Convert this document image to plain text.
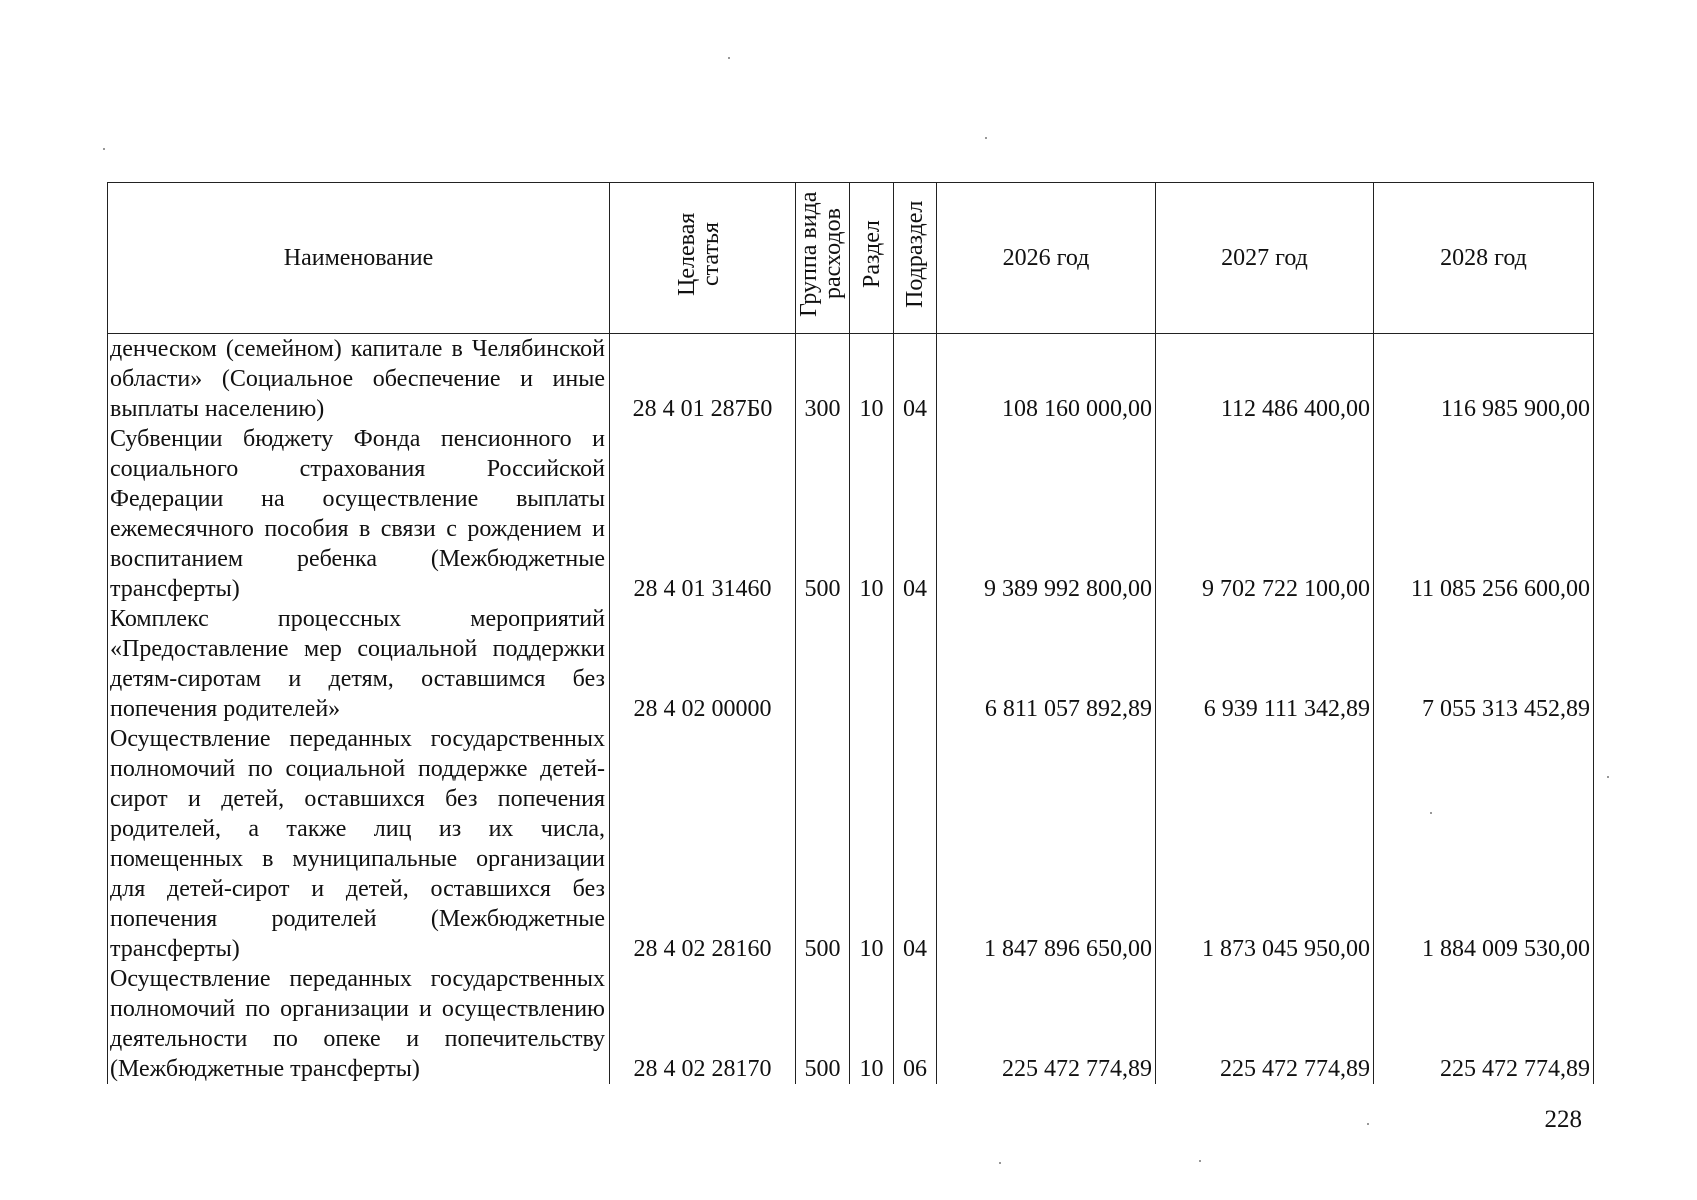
Наименование	Целевая статья	Группа вида расходов	Раздел	Подраздел	2026 год	2027 год	2028 год
денческом (семейном) капитале в Челябинской области» (Социальное обеспечение и иные выплаты населению)	28 4 01 287Б0	300	10	04	108 160 000,00	112 486 400,00	116 985 900,00
Субвенции бюджету Фонда пенсионного и социального страхования Российской Федерации на осуществление выплаты ежемесячного пособия в связи с рождением и воспитанием ребенка (Межбюджетные трансферты)	28 4 01 31460	500	10	04	9 389 992 800,00	9 702 722 100,00	11 085 256 600,00
Комплекс процессных мероприятий «Предоставление мер социальной поддержки детям-сиротам и детям, оставшимся без попечения родителей»	28 4 02 00000				6 811 057 892,89	6 939 111 342,89	7 055 313 452,89
Осуществление переданных государственных полномочий по социальной поддержке детей-сирот и детей, оставшихся без попечения родителей, а также лиц из их числа, помещенных в муниципальные организации для детей-сирот и детей, оставшихся без попечения родителей (Межбюджетные трансферты)	28 4 02 28160	500	10	04	1 847 896 650,00	1 873 045 950,00	1 884 009 530,00
Осуществление переданных государственных полномочий по организации и осуществлению деятельности по опеке и попечительству (Межбюджетные трансферты)	28 4 02 28170	500	10	06	225 472 774,89	225 472 774,89	225 472 774,89
228
